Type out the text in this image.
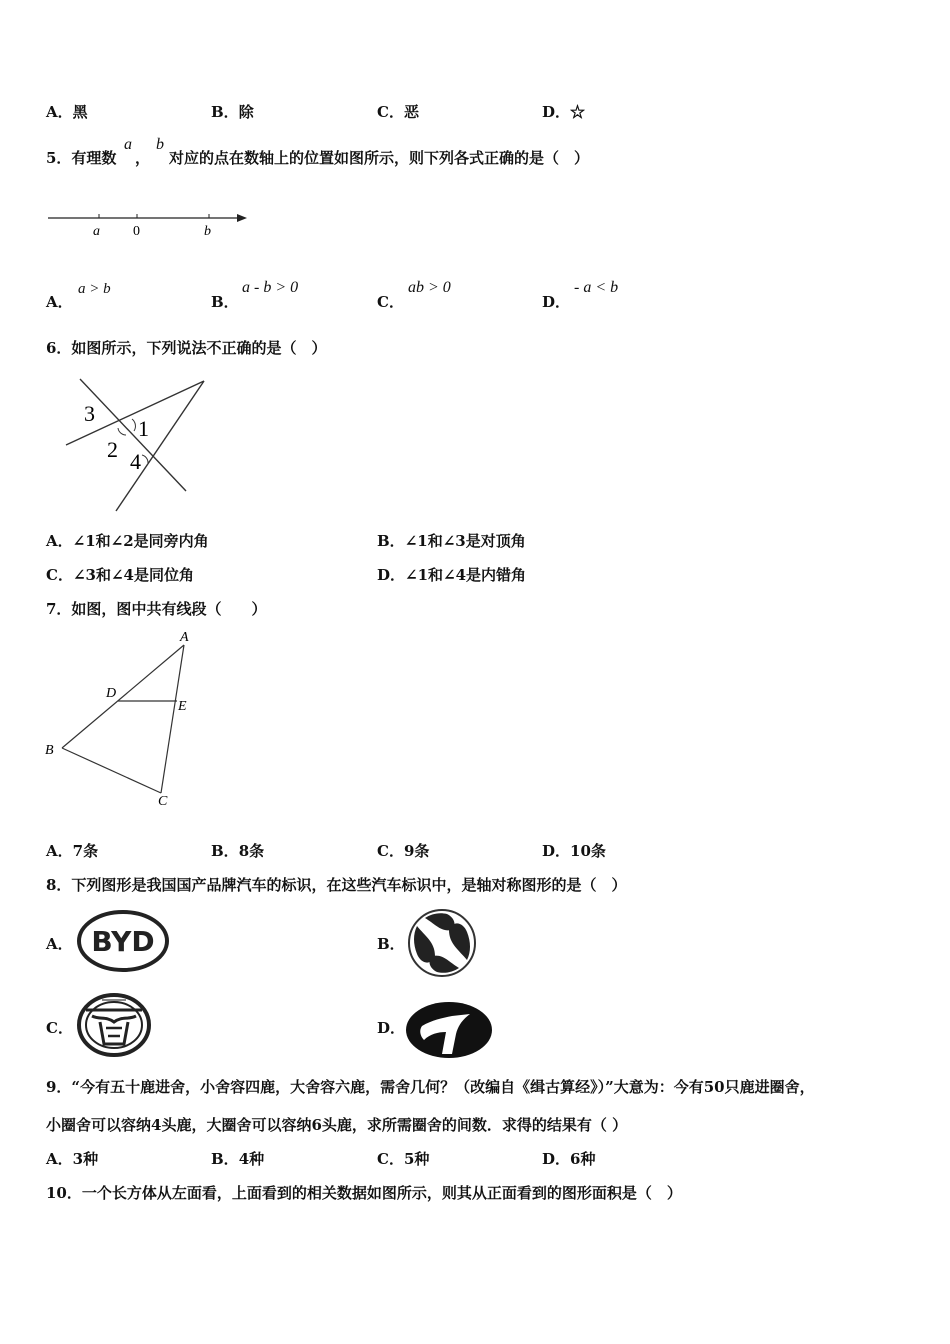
A．黑	B．除	C．恶	D．☆
5．有理数
a
，
b
对应的点在数轴上的位置如图所示，则下列各式正确的是（　）
a 0	b
A．
a > b
B．
a - b > 0
C．
ab > 0
D．
- a < b
6．如图所示，下列说法不正确的是（　）
3
1
2 4
A．∠1和∠2是同旁内角	B．∠1和∠3是对顶角
C．∠3和∠4是同位角	D．∠1和∠4是内错角
7．如图，图中共有线段（　　）
A
D
E
B
C
A．7条	B．8条	C．9条	D．10条
8．下列图形是我国国产品牌汽车的标识，在这些汽车标识中，是轴对称图形的是（　）
A． BYD	B．
C．	D．
9．“今有五十鹿进舍，小舍容四鹿，大舍容六鹿，需舍几何？（改编自《缉古算经》）”大意为：今有50只鹿进圈舍，
小圈舍可以容纳4头鹿，大圈舍可以容纳6头鹿，求所需圈舍的间数．求得的结果有（ ）
A．3种	B．4种	C．5种	D．6种
10．一个长方体从左面看，上面看到的相关数据如图所示，则其从正面看到的图形面积是（　）
